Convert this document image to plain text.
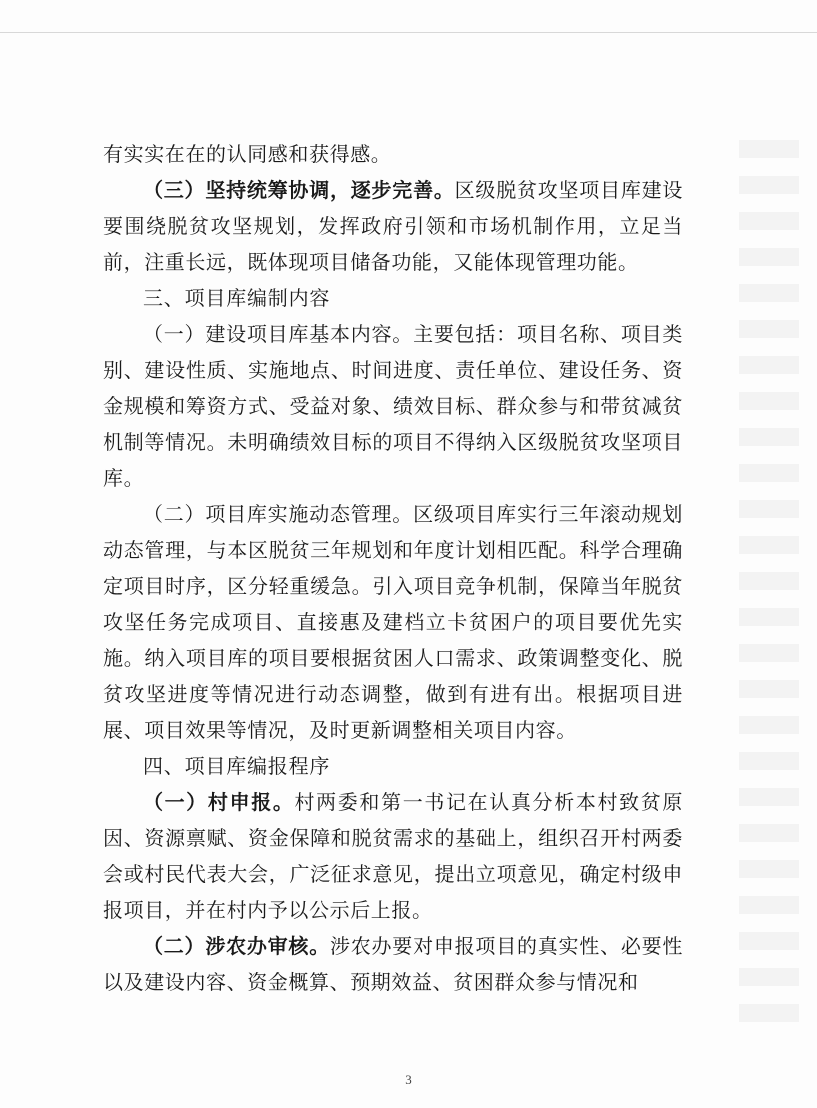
有实实在在的认同感和获得感。

（三）坚持统筹协调，逐步完善。区级脱贫攻坚项目库建设要围绕脱贫攻坚规划，发挥政府引领和市场机制作用，立足当前，注重长远，既体现项目储备功能，又能体现管理功能。

三、项目库编制内容

（一）建设项目库基本内容。主要包括：项目名称、项目类别、建设性质、实施地点、时间进度、责任单位、建设任务、资金规模和筹资方式、受益对象、绩效目标、群众参与和带贫减贫机制等情况。未明确绩效目标的项目不得纳入区级脱贫攻坚项目库。

（二）项目库实施动态管理。区级项目库实行三年滚动规划动态管理，与本区脱贫三年规划和年度计划相匹配。科学合理确定项目时序，区分轻重缓急。引入项目竞争机制，保障当年脱贫攻坚任务完成项目、直接惠及建档立卡贫困户的项目要优先实施。纳入项目库的项目要根据贫困人口需求、政策调整变化、脱贫攻坚进度等情况进行动态调整，做到有进有出。根据项目进展、项目效果等情况，及时更新调整相关项目内容。

四、项目库编报程序

（一）村申报。村两委和第一书记在认真分析本村致贫原因、资源禀赋、资金保障和脱贫需求的基础上，组织召开村两委会或村民代表大会，广泛征求意见，提出立项意见，确定村级申报项目，并在村内予以公示后上报。

（二）涉农办审核。涉农办要对申报项目的真实性、必要性以及建设内容、资金概算、预期效益、贫困群众参与情况和

3
